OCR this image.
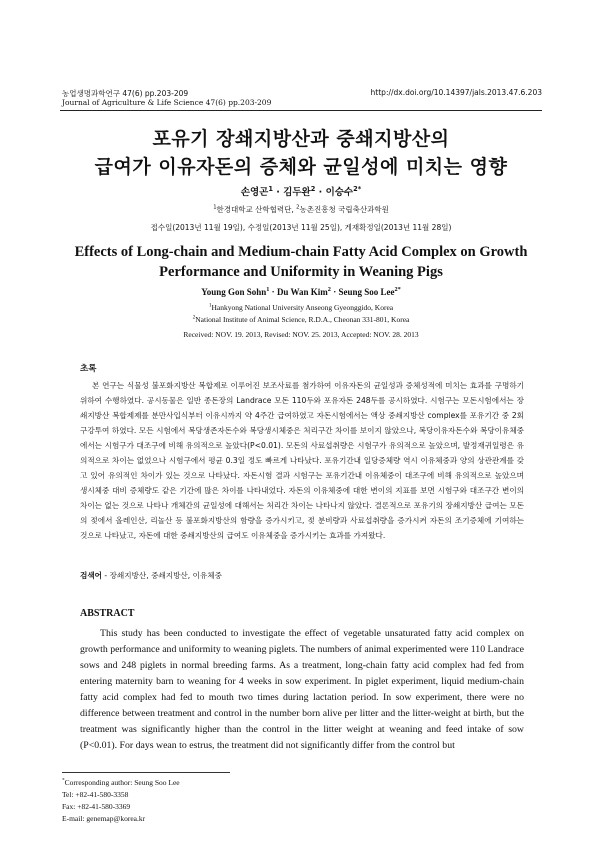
농업생명과학연구 47(6) pp.203-209	http://dx.doi.org/10.14397/jals.2013.47.6.203
Journal of Agriculture & Life Science 47(6) pp.203-209
포유기 장쇄지방산과 중쇄지방산의
급여가 이유자돈의 증체와 균일성에 미치는 영향
손영곤$^1$ · 김두완$^2$ · 이승수$^{2*}$
$^1$한경대학교 산학협력단, $^2$농촌진흥청 국립축산과학원
접수일(2013년 11월 19일), 수정일(2013년 11월 25일), 게재확정일(2013년 11월 28일)
Effects of Long-chain and Medium-chain Fatty Acid Complex on Growth
Performance and Uniformity in Weaning Pigs
Young Gon Sohn$^1$ · Du Wan Kim$^2$ · Seung Soo Lee$^{2*}$
$^1$Hankyong National University Anseong Gyeonggido, Korea
$^2$National Institute of Animal Science, R.D.A., Cheonan 331-801, Korea
Received: NOV. 19. 2013, Revised: NOV. 25. 2013, Accepted: NOV. 28. 2013
초록

본 연구는 식물성 불포화지방산 복합제로 이루어진 보조사료를 첨가하여 이유자돈의 균일성과 증체성적에 미치는 효과를 구명하기 위하여 수행하였다. 공시동물은 일반 종돈장의 Landrace 모돈 110두와 포유자돈 248두를 공시하였다. 시험구는 모돈시험에서는 장쇄지방산 복합제제를 분만사입식부터 이유시까지 약 4주간 급여하였고 자돈시험에서는 액상 중쇄지방산 complex를 포유기간 중 2회 구강투여 하였다. 모든 시험에서 복당생존자돈수와 복당생시체중은 처리구간 차이를 보이지 않았으나, 복당이유자돈수와 복당이유체중에서는 시험구가 대조구에 비해 유의적으로 높았다(P<0.01). 모돈의 사료섭취량은 시험구가 유의적으로 높았으며, 발정재귀일령은 유의적으로 차이는 없었으나 시험구에서 평균 0.3일 정도 빠르게 나타났다. 포유기간내 일당증체량 역시 이유체중과 양의 상관관계를 갖고 있어 유의적인 차이가 있는 것으로 나타났다. 자돈시험 결과 시험구는 포유기간내 이유체중이 대조구에 비해 유의적으로 높았으며 생시체중 대비 증체량도 같은 기간에 많은 차이를 나타내었다. 자돈의 이유체중에 대한 변이의 지표를 보면 시험구와 대조구간 변이의 차이는 없는 것으로 나타나 개체간의 균일성에 대해서는 처리간 차이는 나타나지 않았다. 결론적으로 포유기의 장쇄지방산 급여는 모돈의 젖에서 올레인산, 리놀산 등 불포화지방산의 함량을 증가시키고, 젖 분비량과 사료섭취량을 증가시켜 자돈의 조기증체에 기여하는 것으로 나타났고, 자돈에 대한 중쇄지방산의 급여도 이유체중을 증가시키는 효과를 가져왔다.

검색어 - 장쇄지방산, 중쇄지방산, 이유체중
ABSTRACT

This study has been conducted to investigate the effect of vegetable unsaturated fatty acid complex on growth performance and uniformity to weaning piglets. The numbers of animal experimented were 110 Landrace sows and 248 piglets in normal breeding farms. As a treatment, long-chain fatty acid complex had fed from entering maternity barn to weaning for 4 weeks in sow experiment. In piglet experiment, liquid medium-chain fatty acid complex had fed to mouth two times during lactation period. In sow experiment, there were no difference between treatment and control in the number born alive per litter and the litter-weight at birth, but the treatment was significantly higher than the control in the litter weight at weaning and feed intake of sow (P<0.01). For days wean to estrus, the treatment did not significantly differ from the control but

*Corresponding author: Seung Soo Lee
Tel: +82-41-580-3358
Fax: +82-41-580-3369
E-mail: genemap@korea.kr
